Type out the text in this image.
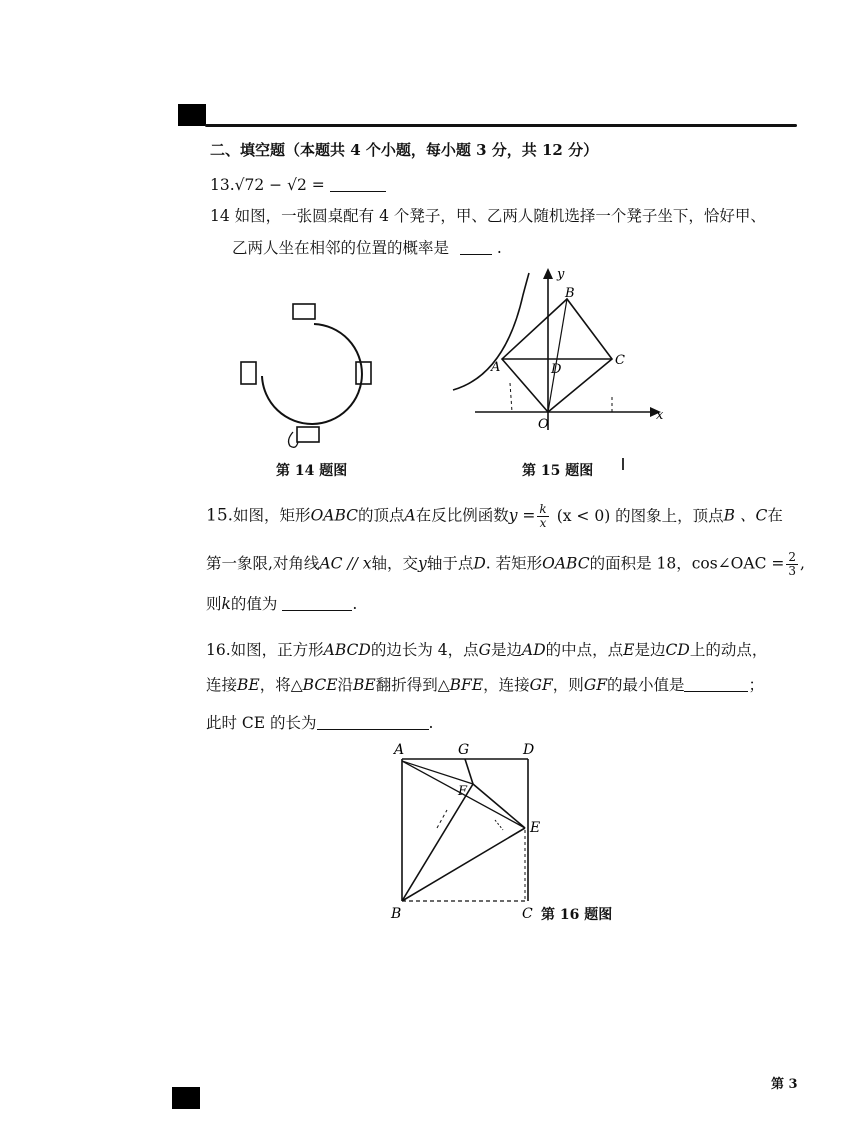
二、填空题（本题共 4 个小题，每小题 3 分，共 12 分）
13.√72 − √2 =
14 如图，一张圆桌配有 4 个凳子，甲、乙两人随机选择一个凳子坐下，恰好甲、
乙两人坐在相邻的位置的概率是	.
第 14 题图
y
B
C
A	D
O
x
第 15 题图
15.如图，矩形OABC的顶点A在反比例函数$y = \frac{k}{x} (x < 0)$ 的图象上，顶点B 、C在
第一象限,对角线AC // x轴，交y轴于点D. 若矩形OABC的面积是 18，cos∠OAC = $\frac{2}{3}$ ,
则k的值为	.
16.如图，正方形ABCD的边长为 4，点G是边AD的中点，点E是边CD上的动点，
连接BE，将△BCE沿BE翻折得到△BFE，连接GF，则GF的最小值是	；
此时 CE 的长为	.
A	G	D
F
E
B	C 第 16 题图
第 3
